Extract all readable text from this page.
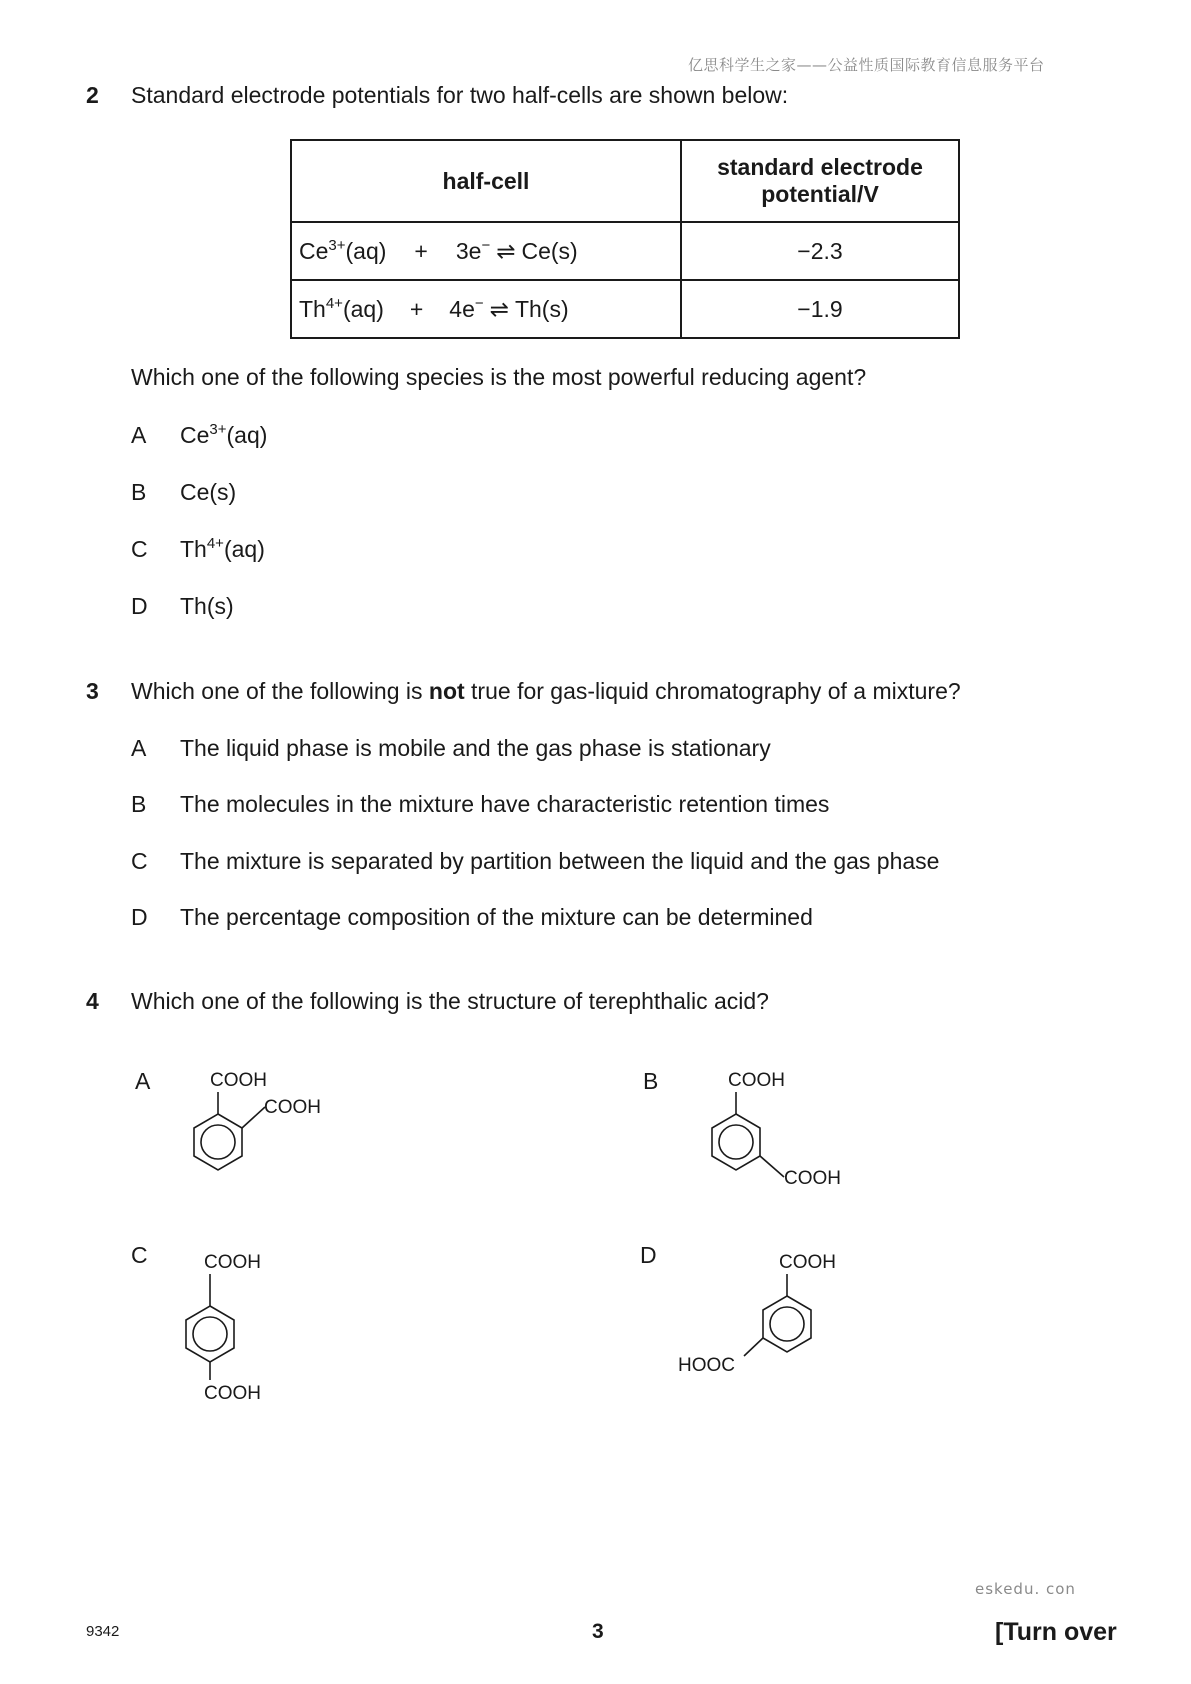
亿思科学生之家——公益性质国际教育信息服务平台
2 Standard electrode potentials for two half-cells are shown below:
half-cell	standard electrode
potential/V
$Ce^{3+}(aq) + 3e^-$ ⇌ Ce(s)	−2.3
$Th^{4+}(aq) + 4e^-$ ⇌ Th(s)	−1.9
Which one of the following species is the most powerful reducing agent?
A $Ce^{3+}(aq)$
B Ce(s)
C $Th^{4+}(aq)$
D Th(s)
3 Which one of the following is not true for gas-liquid chromatography of a mixture?
A The liquid phase is mobile and the gas phase is stationary
B The molecules in the mixture have characteristic retention times
C The mixture is separated by partition between the liquid and the gas phase
D The percentage composition of the mixture can be determined
4 Which one of the following is the structure of terephthalic acid?
A	COOH
COOH
B	COOH
COOH
C	COOH
COOH
D	COOH
HOOC
eskedu. con
9342	3	[Turn over
